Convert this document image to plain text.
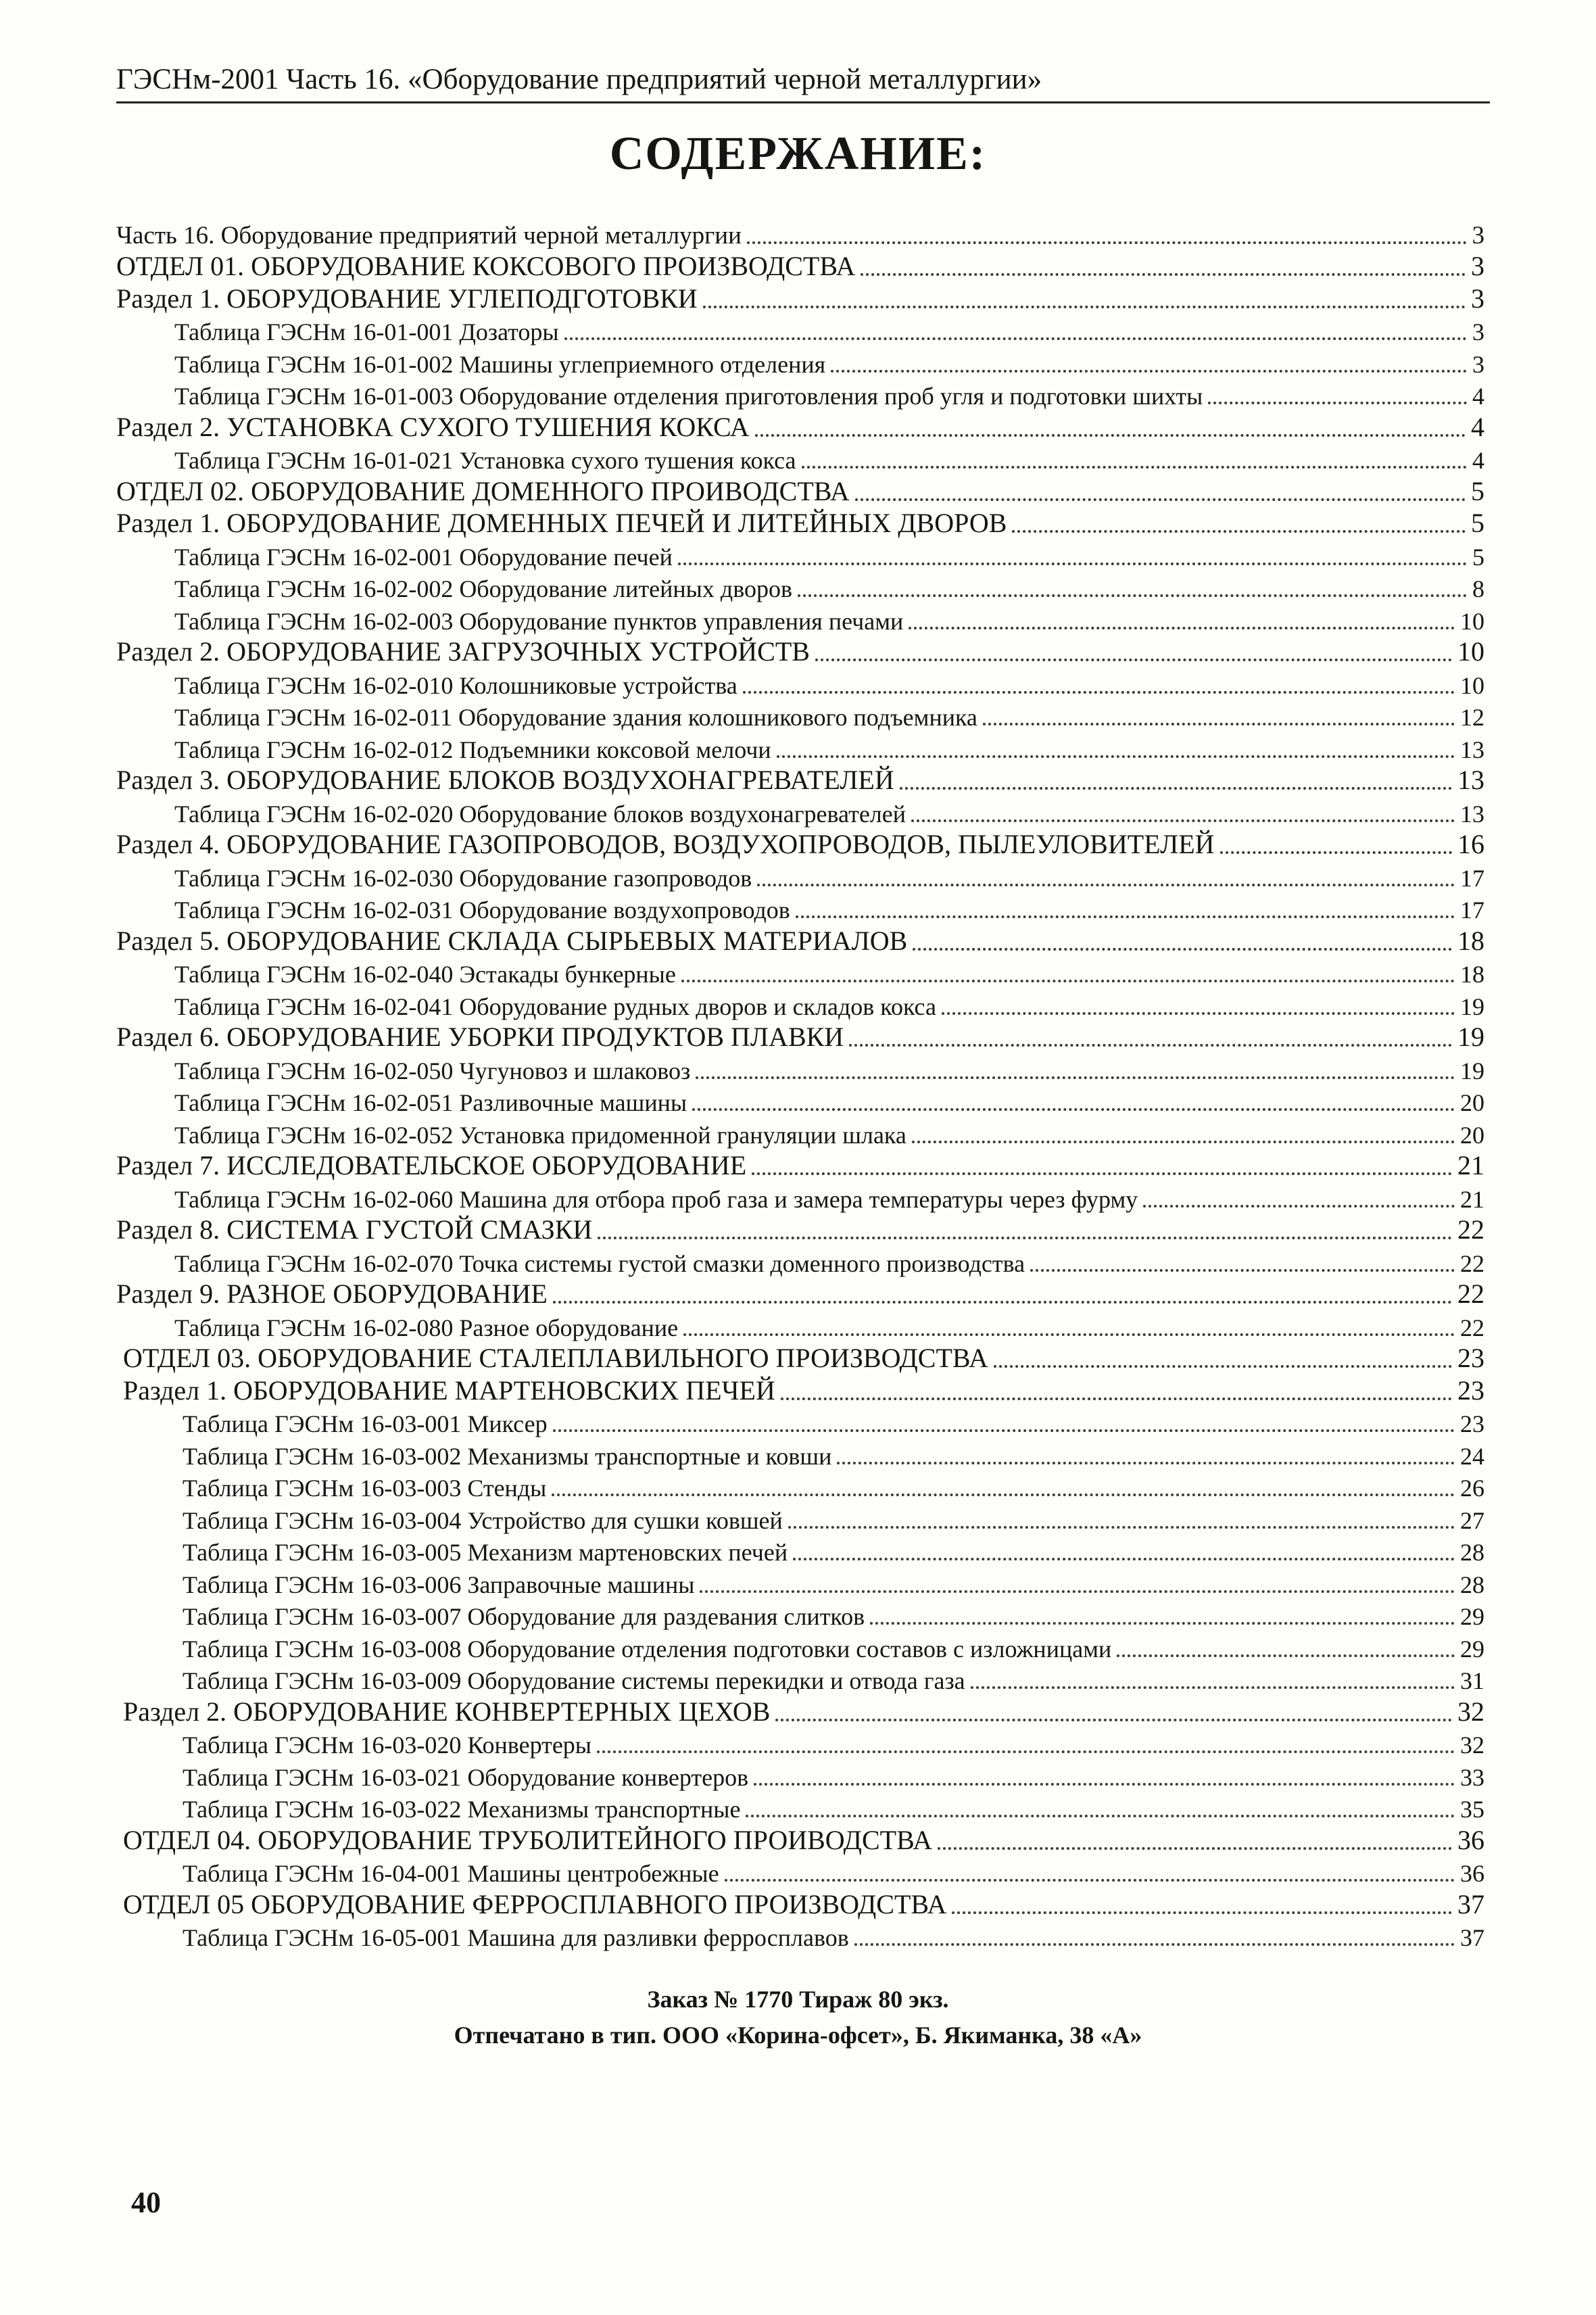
ГЭСНм-2001 Часть 16. «Оборудование предприятий черной металлургии»
СОДЕРЖАНИЕ:
Часть 16. Оборудование предприятий черной металлургии	3
ОТДЕЛ 01. ОБОРУДОВАНИЕ КОКСОВОГО ПРОИЗВОДСТВА	3
Раздел 1. ОБОРУДОВАНИЕ УГЛЕПОДГОТОВКИ	3
Таблица ГЭСНм 16-01-001 Дозаторы	3
Таблица ГЭСНм 16-01-002 Машины углеприемного отделения	3
Таблица ГЭСНм 16-01-003 Оборудование отделения приготовления проб угля и подготовки шихты	4
Раздел 2. УСТАНОВКА СУХОГО ТУШЕНИЯ КОКСА	4
Таблица ГЭСНм 16-01-021 Установка сухого тушения кокса	4
ОТДЕЛ 02. ОБОРУДОВАНИЕ ДОМЕННОГО ПРОИВОДСТВА	5
Раздел 1. ОБОРУДОВАНИЕ ДОМЕННЫХ ПЕЧЕЙ И ЛИТЕЙНЫХ ДВОРОВ	5
Таблица ГЭСНм 16-02-001 Оборудование печей	5
Таблица ГЭСНм 16-02-002 Оборудование литейных дворов	8
Таблица ГЭСНм 16-02-003 Оборудование пунктов управления печами	10
Раздел 2. ОБОРУДОВАНИЕ ЗАГРУЗОЧНЫХ УСТРОЙСТВ	10
Таблица ГЭСНм 16-02-010 Колошниковые устройства	10
Таблица ГЭСНм 16-02-011 Оборудование здания колошникового подъемника	12
Таблица ГЭСНм 16-02-012 Подъемники коксовой мелочи	13
Раздел 3. ОБОРУДОВАНИЕ БЛОКОВ ВОЗДУХОНАГРЕВАТЕЛЕЙ	13
Таблица ГЭСНм 16-02-020 Оборудование блоков воздухонагревателей	13
Раздел 4. ОБОРУДОВАНИЕ ГАЗОПРОВОДОВ, ВОЗДУХОПРОВОДОВ, ПЫЛЕУЛОВИТЕЛЕЙ	16
Таблица ГЭСНм 16-02-030 Оборудование газопроводов	17
Таблица ГЭСНм 16-02-031 Оборудование воздухопроводов	17
Раздел 5. ОБОРУДОВАНИЕ СКЛАДА СЫРЬЕВЫХ МАТЕРИАЛОВ	18
Таблица ГЭСНм 16-02-040 Эстакады бункерные	18
Таблица ГЭСНм 16-02-041 Оборудование рудных дворов и складов кокса	19
Раздел 6. ОБОРУДОВАНИЕ УБОРКИ ПРОДУКТОВ ПЛАВКИ	19
Таблица ГЭСНм 16-02-050 Чугуновоз и шлаковоз	19
Таблица ГЭСНм 16-02-051 Разливочные машины	20
Таблица ГЭСНм 16-02-052 Установка придоменной грануляции шлака	20
Раздел 7. ИССЛЕДОВАТЕЛЬСКОЕ ОБОРУДОВАНИЕ	21
Таблица ГЭСНм 16-02-060 Машина для отбора проб газа и замера температуры через фурму	21
Раздел 8. СИСТЕМА ГУСТОЙ СМАЗКИ	22
Таблица ГЭСНм 16-02-070 Точка системы густой смазки доменного производства	22
Раздел 9. РАЗНОЕ ОБОРУДОВАНИЕ	22
Таблица ГЭСНм 16-02-080 Разное оборудование	22
ОТДЕЛ 03. ОБОРУДОВАНИЕ СТАЛЕПЛАВИЛЬНОГО ПРОИЗВОДСТВА	23
Раздел 1. ОБОРУДОВАНИЕ МАРТЕНОВСКИХ ПЕЧЕЙ	23
Таблица ГЭСНм 16-03-001 Миксер	23
Таблица ГЭСНм 16-03-002 Механизмы транспортные и ковши	24
Таблица ГЭСНм 16-03-003 Стенды	26
Таблица ГЭСНм 16-03-004 Устройство для сушки ковшей	27
Таблица ГЭСНм 16-03-005 Механизм мартеновских печей	28
Таблица ГЭСНм 16-03-006 Заправочные машины	28
Таблица ГЭСНм 16-03-007 Оборудование для раздевания слитков	29
Таблица ГЭСНм 16-03-008 Оборудование отделения подготовки составов с изложницами	29
Таблица ГЭСНм 16-03-009 Оборудование системы перекидки и отвода газа	31
Раздел 2. ОБОРУДОВАНИЕ КОНВЕРТЕРНЫХ ЦЕХОВ	32
Таблица ГЭСНм 16-03-020 Конвертеры	32
Таблица ГЭСНм 16-03-021 Оборудование конвертеров	33
Таблица ГЭСНм 16-03-022 Механизмы транспортные	35
ОТДЕЛ 04. ОБОРУДОВАНИЕ ТРУБОЛИТЕЙНОГО ПРОИВОДСТВА	36
Таблица ГЭСНм 16-04-001 Машины центробежные	36
ОТДЕЛ 05 ОБОРУДОВАНИЕ ФЕРРОСПЛАВНОГО ПРОИЗВОДСТВА	37
Таблица ГЭСНм 16-05-001 Машина для разливки ферросплавов	37
Заказ № 1770 Тираж 80 экз.
Отпечатано в тип. ООО «Корина-офсет», Б. Якиманка, 38 «А»
40
